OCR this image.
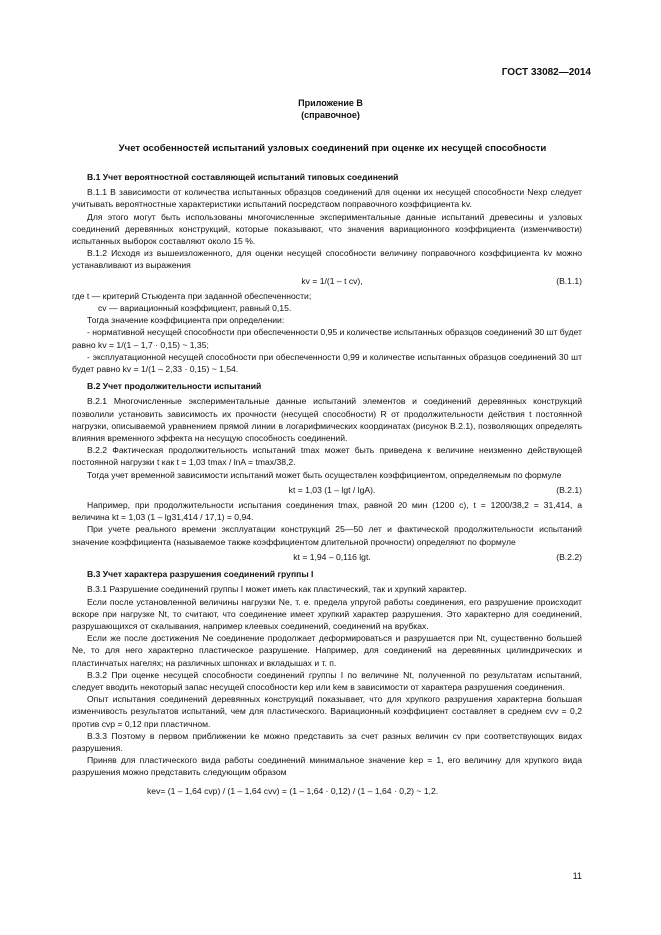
ГОСТ 33082—2014
Приложение В
(справочное)
Учет особенностей испытаний узловых соединений при оценке их несущей способности

В.1 Учет вероятностной составляющей испытаний типовых соединений

В.1.1 В зависимости от количества испытанных образцов соединений для оценки их несущей способности Nexp следует учитывать вероятностные характеристики испытаний посредством поправочного коэффициента kv.

Для этого могут быть использованы многочисленные экспериментальные данные испытаний древесины и узловых соединений деревянных конструкций, которые показывают, что значения вариационного коэффициента (изменчивости) испытанных выборок составляют около 15 %.

В.1.2 Исходя из вышеизложенного, для оценки несущей способности величину поправочного коэффициента kv можно устанавливают из выражения

kv = 1/(1 – t cv),	(В.1.1)

где t — критерий Стьюдента при заданной обеспеченности;

cv — вариационный коэффициент, равный 0,15.

Тогда значение коэффициента при определении:

- нормативной несущей способности при обеспеченности 0,95 и количестве испытанных образцов соединений 30 шт будет равно kv = 1/(1 – 1,7 · 0,15) ~ 1,35;

- эксплуатационной несущей способности при обеспеченности 0,99 и количестве испытанных образцов соединений 30 шт будет равно kv = 1/(1 – 2,33 · 0,15) ~ 1,54.

В.2 Учет продолжительности испытаний

В.2.1 Многочисленные экспериментальные данные испытаний элементов и соединений деревянных конструкций позволили установить зависимость их прочности (несущей способности) R от продолжительности действия t постоянной нагрузки, описываемой уравнением прямой линии в логарифмических координатах (рисунок В.2.1), позволяющих определять влияния временного эффекта на несущую способность соединений.

В.2.2 Фактическая продолжительность испытаний tmax может быть приведена к величине неизменно действующей постоянной нагрузки t как t = 1,03 tmax / lnA = tmax/38,2.

Тогда учет временной зависимости испытаний может быть осуществлен коэффициентом, определяемым по формуле

kt = 1,03 (1 – lgt / lgA).	(В.2.1)

Например, при продолжительности испытания соединения tmax, равной 20 мин (1200 с), t = 1200/38,2 = 31,414, а величина kt = 1,03 (1 – lg31,414 / 17,1) = 0,94.

При учете реального времени эксплуатации конструкций 25—50 лет и фактической продолжительности испытаний значение коэффициента (называемое также коэффициентом длительной прочности) определяют по формуле

kt = 1,94 – 0,116 lgt.	(В.2.2)

В.3 Учет характера разрушения соединений группы I

В.3.1 Разрушение соединений группы I может иметь как пластический, так и хрупкий характер.

Если после установленной величины нагрузки Ne, т. е. предела упругой работы соединения, его разрушение происходит вскоре при нагрузке Nt, то считают, что соединение имеет хрупкий характер разрушения. Это характерно для соединений, разрушающихся от скалывания, например клеевых соединений, соединений на врубках.

Если же после достижения Ne соединение продолжает деформироваться и разрушается при Nt, существенно большей Ne, то для него характерно пластическое разрушение. Например, для соединений на деревянных цилиндрических и пластинчатых нагелях; на различных шпонках и вкладышах и т. п.

В.3.2 При оценке несущей способности соединений группы I по величине Nt, полученной по результатам испытаний, следует вводить некоторый запас несущей способности kep или kем в зависимости от характера разрушения соединения.

Опыт испытания соединений деревянных конструкций показывает, что для хрупкого разрушения характерна большая изменчивость результатов испытаний, чем для пластического. Вариационный коэффициент составляет в среднем cvv = 0,2 против cvp = 0,12 при пластичном.

В.3.3 Поэтому в первом приближении ke можно представить за счет разных величин cv при соответствующих видах разрушения.

Приняв для пластического вида работы соединений минимальное значение kep = 1, его величину для хрупкого вида разрушения можно представить следующим образом

kev= (1 – 1,64 cvp) / (1 – 1,64 cvv) = (1 – 1,64 · 0,12) / (1 – 1,64 · 0,2) ~ 1,2.

11
